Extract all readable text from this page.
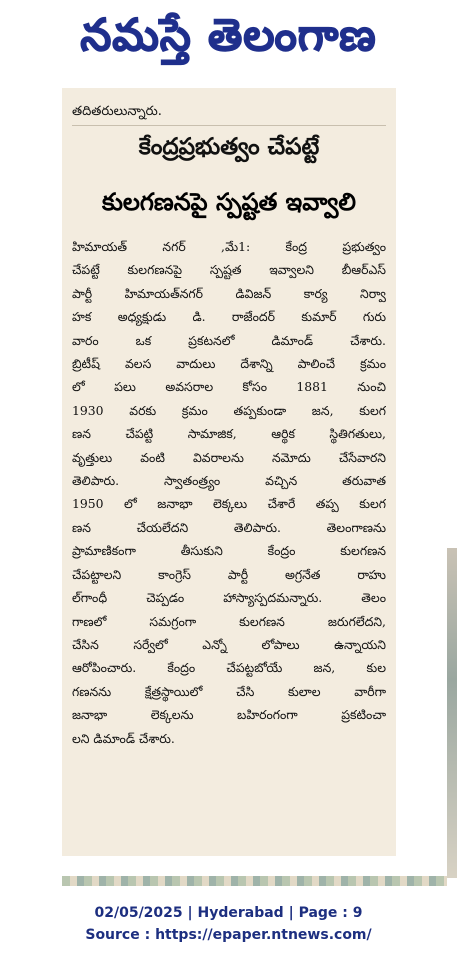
నమస్తే తెలంగాణ
తదితరులున్నారు.
కేంద్రప్రభుత్వం చేపట్టే
కులగణనపై స్పష్టత ఇవ్వాలి
హిమాయత్ నగర్ ,మే1: కేంద్ర ప్రభుత్వం
చేపట్టే కులగణనపై స్పష్టత ఇవ్వాలని బీఆర్ఎస్
పార్టీ హిమాయత్‌నగర్ డివిజన్ కార్య నిర్వా
హక అధ్యక్షుడు డి. రాజేందర్ కుమార్ గురు
వారం ఒక ప్రకటనలో డిమాండ్ చేశారు.
బ్రిటీష్ వలస వాదులు దేశాన్ని పాలించే క్రమం
లో పలు అవసరాల కోసం 1881 నుంచి
1930 వరకు క్రమం తప్పకుండా జన, కులగ
ణన చేపట్టి సామాజిక, ఆర్థిక స్థితిగతులు,
వృత్తులు వంటి వివరాలను నమోదు చేసేవారని
తెలిపారు. స్వాతంత్ర్యం వచ్చిన తరువాత
1950 లో జనాభా లెక్కలు చేశారే తప్ప కులగ
ణన చేయలేదని తెలిపారు. తెలంగాణను
ప్రామాణికంగా తీసుకుని కేంద్రం కులగణన
చేపట్టాలని కాంగ్రెస్ పార్టీ అగ్రనేత రాహు
ల్‌గాంధీ చెప్పడం హాస్యాస్పదమన్నారు. తెలం
గాణలో సమగ్రంగా కులగణన జరుగలేదని,
చేసిన సర్వేలో ఎన్నో లోపాలు ఉన్నాయని
ఆరోపించారు. కేంద్రం చేపట్టబోయే జన, కుల
గణనను క్షేత్రస్థాయిలో చేసి కులాల వారీగా
జనాభా లెక్కలను బహిరంగంగా ప్రకటించా
లని డిమాండ్ చేశారు.
02/05/2025 | Hyderabad | Page : 9
Source : https://epaper.ntnews.com/
